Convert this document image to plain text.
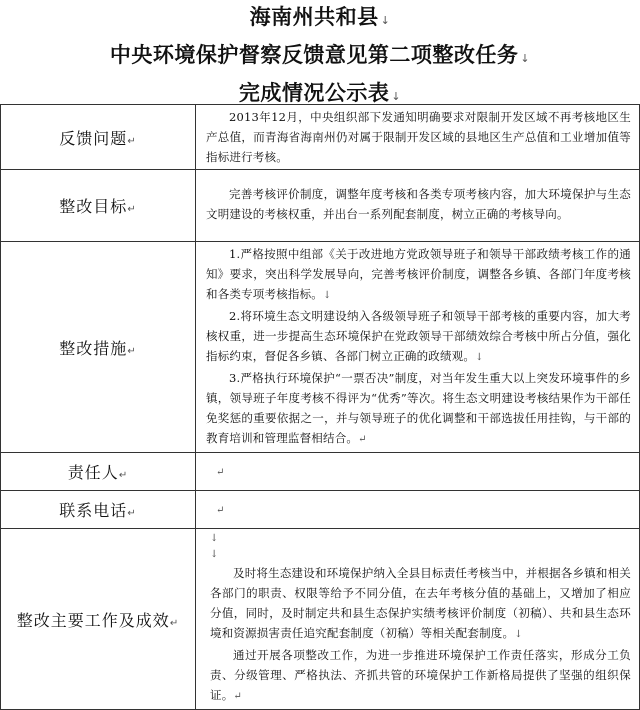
海南州共和县 ↓
中央环境保护督察反馈意见第二项整改任务 ↓
完成情况公示表 ↓
反馈问题↵	2013年12月，中央组织部下发通知明确要求对限制开发区域不再考核地区生产总值，而青海省海南州仍对属于限制开发区域的县地区生产总值和工业增加值等指标进行考核。

整改目标↵	完善考核评价制度，调整年度考核和各类专项考核内容，加大环境保护与生态文明建设的考核权重，并出台一系列配套制度，树立正确的考核导向。

整改措施↵	1.严格按照中组部《关于改进地方党政领导班子和领导干部政绩考核工作的通知》要求，突出科学发展导向，完善考核评价制度，调整各乡镇、各部门年度考核和各类专项考核指标。↓

2.将环境生态文明建设纳入各级领导班子和领导干部考核的重要内容，加大考核权重，进一步提高生态环境保护在党政领导干部绩效综合考核中所占分值，强化指标约束，督促各乡镇、各部门树立正确的政绩观。↓

3.严格执行环境保护“一票否决”制度，对当年发生重大以上突发环境事件的乡镇，领导班子年度考核不得评为“优秀”等次。将生态文明建设考核结果作为干部任免奖惩的重要依据之一，并与领导班子的优化调整和干部选拔任用挂钩，与干部的教育培训和管理监督相结合。↵

责任人↵	↵
联系电话↵	↵
整改主要工作及成效↵	↓
↓

及时将生态建设和环境保护纳入全县目标责任考核当中，并根据各乡镇和相关各部门的职责、权限等给予不同分值，在去年考核分值的基础上，又增加了相应分值，同时，及时制定共和县生态保护实绩考核评价制度（初稿）、共和县生态环境和资源损害责任追究配套制度（初稿）等相关配套制度。↓

通过开展各项整改工作，为进一步推进环境保护工作责任落实，形成分工负责、分级管理、严格执法、齐抓共管的环境保护工作新格局提供了坚强的组织保证。↵
